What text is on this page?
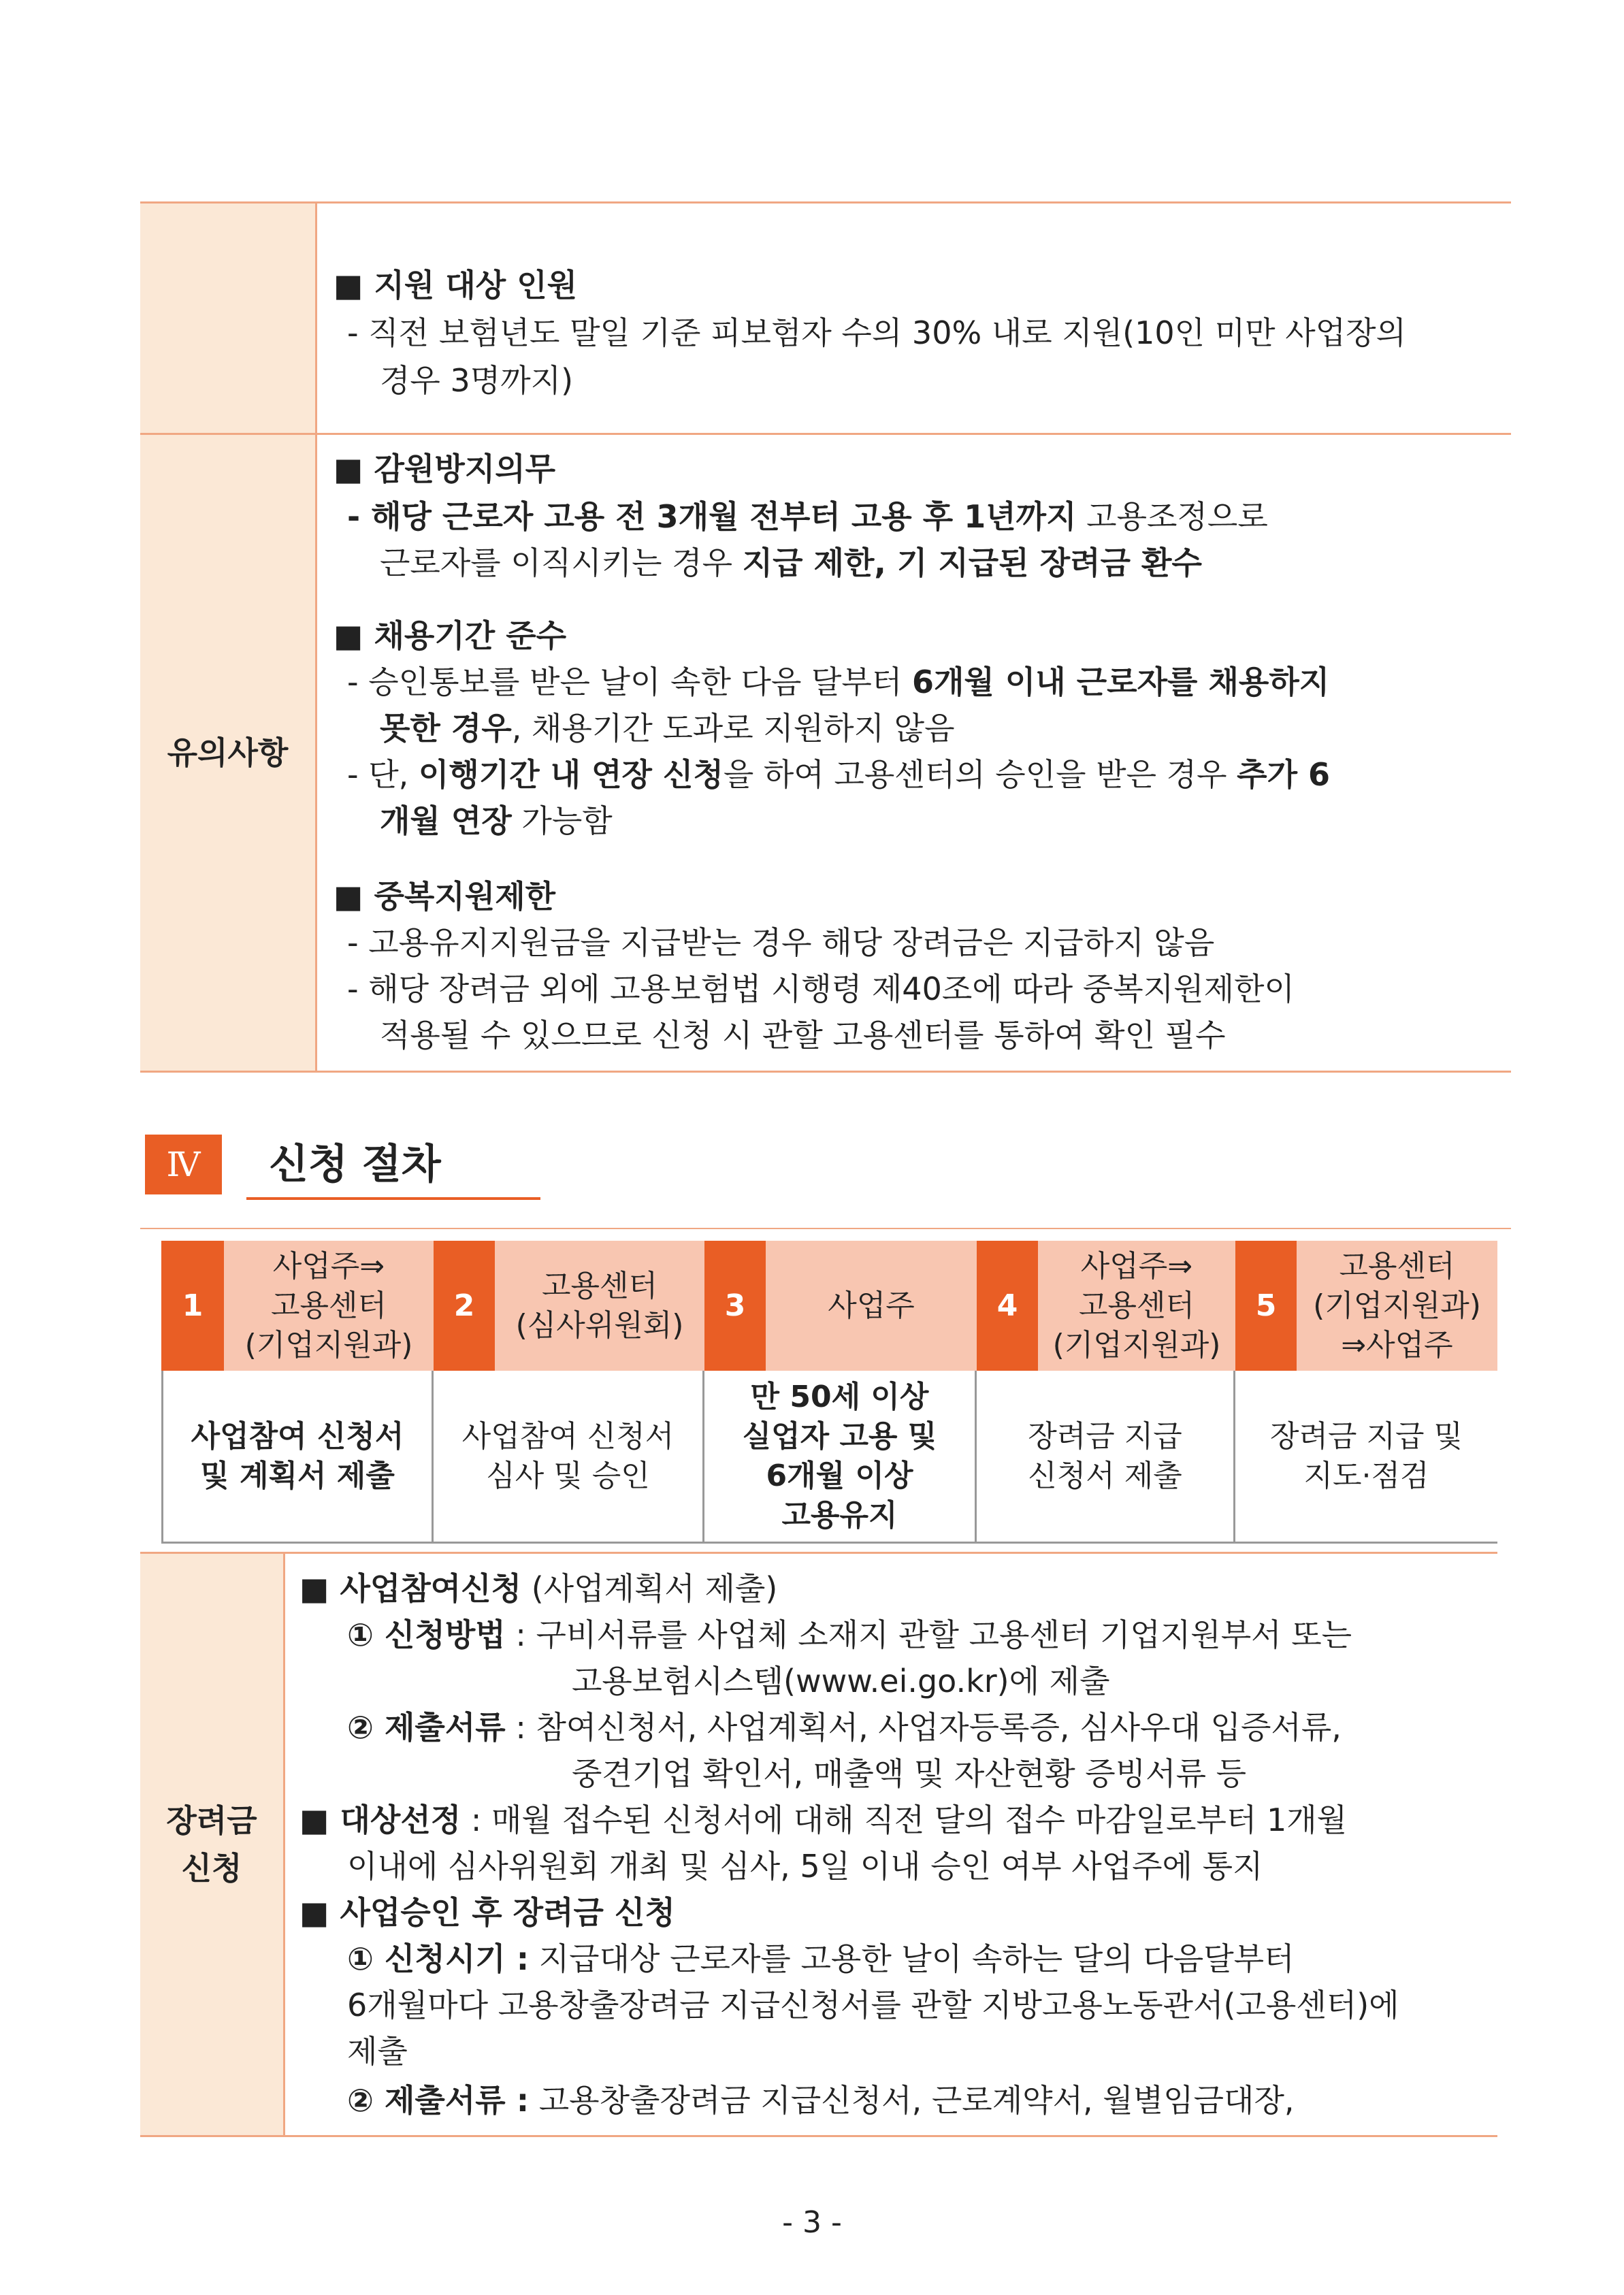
■ 지원 대상 인원
- 직전 보험년도 말일 기준 피보험자 수의 30% 내로 지원(10인 미만 사업장의
경우 3명까지)
유의사항
■ 감원방지의무
- 해당 근로자 고용 전 3개월 전부터 고용 후 1년까지 고용조정으로
근로자를 이직시키는 경우 지급 제한, 기 지급된 장려금 환수
■ 채용기간 준수
- 승인통보를 받은 날이 속한 다음 달부터 6개월 이내 근로자를 채용하지
못한 경우, 채용기간 도과로 지원하지 않음
- 단, 이행기간 내 연장 신청을 하여 고용센터의 승인을 받은 경우 추가 6
개월 연장 가능함
■ 중복지원제한
- 고용유지지원금을 지급받는 경우 해당 장려금은 지급하지 않음
- 해당 장려금 외에 고용보험법 시행령 제40조에 따라 중복지원제한이
적용될 수 있으므로 신청 시 관할 고용센터를 통하여 확인 필수
Ⅳ	신청 절차
1
사업주⇒
고용센터
(기업지원과)
사업참여 신청서
및 계획서 제출
2
고용센터
(심사위원회)
사업참여 신청서
심사 및 승인
3	사업주
만 50세 이상
실업자 고용 및
6개월 이상
고용유지
4
사업주⇒
고용센터
(기업지원과)
장려금 지급
신청서 제출
5
고용센터
(기업지원과)
⇒사업주
장려금 지급 및
지도·점검
장려금
신청
■ 사업참여신청 (사업계획서 제출)
① 신청방법 : 구비서류를 사업체 소재지 관할 고용센터 기업지원부서 또는
고용보험시스템(www.ei.go.kr)에 제출
② 제출서류 : 참여신청서, 사업계획서, 사업자등록증, 심사우대 입증서류,
중견기업 확인서, 매출액 및 자산현황 증빙서류 등
■ 대상선정 : 매월 접수된 신청서에 대해 직전 달의 접수 마감일로부터 1개월
이내에 심사위원회 개최 및 심사, 5일 이내 승인 여부 사업주에 통지
■ 사업승인 후 장려금 신청
① 신청시기 : 지급대상 근로자를 고용한 날이 속하는 달의 다음달부터
6개월마다 고용창출장려금 지급신청서를 관할 지방고용노동관서(고용센터)에
제출
② 제출서류 : 고용창출장려금 지급신청서, 근로계약서, 월별임금대장,
- 3 -
